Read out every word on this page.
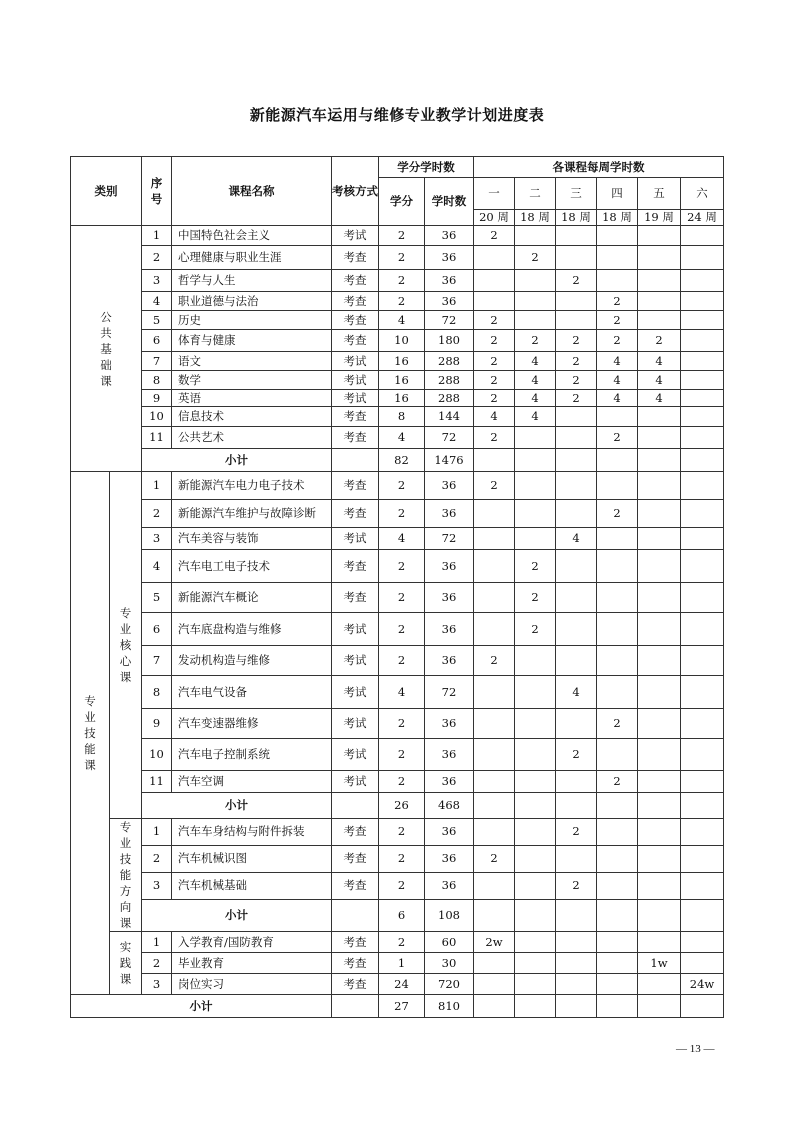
新能源汽车运用与维修专业教学计划进度表
类别		序号	课程名称	考核方式	学分学时数		各课程每周学时数					
					学分	学时数	一	二	三	四	五	六
							20 周	18 周	18 周	18 周	19 周	24 周
公共基础课		1	中国特色社会主义	考试	2	36	2					
		2	心理健康与职业生涯	考查	2	36		2				
		3	哲学与人生	考查	2	36			2			
		4	职业道德与法治	考查	2	36				2		
		5	历史	考查	4	72	2			2		
		6	体育与健康	考查	10	180	2	2	2	2	2	
		7	语文	考试	16	288	2	4	2	4	4	
		8	数学	考试	16	288	2	4	2	4	4	
		9	英语	考试	16	288	2	4	2	4	4	
		10	信息技术	考查	8	144	4	4				
		11	公共艺术	考查	4	72	2			2		
		小计			82	1476						
专业技能课	专业核心课	1	新能源汽车电力电子技术	考查	2	36	2					
		2	新能源汽车维护与故障诊断	考查	2	36				2		
		3	汽车美容与装饰	考试	4	72			4			
		4	汽车电工电子技术	考查	2	36		2				
		5	新能源汽车概论	考查	2	36		2				
		6	汽车底盘构造与维修	考试	2	36		2				
		7	发动机构造与维修	考试	2	36	2					
		8	汽车电气设备	考试	4	72			4			
		9	汽车变速器维修	考试	2	36				2		
		10	汽车电子控制系统	考试	2	36			2			
		11	汽车空调	考试	2	36				2		
		小计			26	468						
	专业技能方向课	1	汽车车身结构与附件拆装	考查	2	36			2			
		2	汽车机械识图	考查	2	36	2					
		3	汽车机械基础	考查	2	36			2			
		小计			6	108						
	实践课	1	入学教育/国防教育	考查	2	60	2w					
		2	毕业教育	考查	1	30					1w	
		3	岗位实习	考查	24	720						24w
小计					27	810						
— 13 —
